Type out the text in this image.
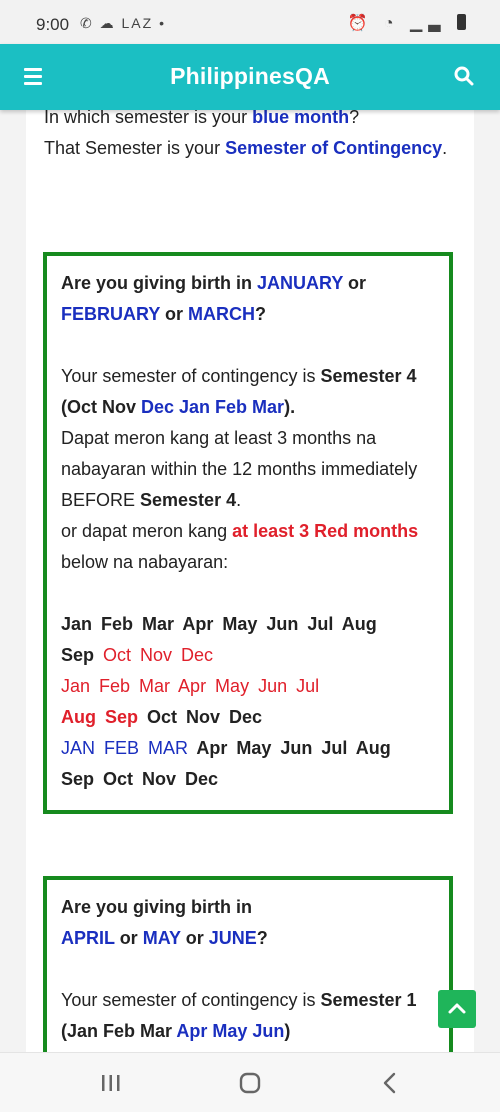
9:00 ✆ ☁ LAZ •	⏰ ◔ ▁▃
PhilippinesQA

In which semester is your blue month?

That Semester is your Semester of Contingency.

Are you giving birth in JANUARY or
FEBRUARY or MARCH?

Your semester of contingency is Semester 4 (Oct Nov Dec Jan Feb Mar).

Dapat meron kang at least 3 months na nabayaran within the 12 months immediately BEFORE Semester 4.

or dapat meron kang at least 3 Red months below na nabayaran:

Jan Feb Mar Apr May Jun Jul Aug

Sep Oct Nov Dec

Jan Feb Mar Apr May Jun Jul

Aug Sep Oct Nov Dec

JAN FEB MAR Apr May Jun Jul Aug

Sep Oct Nov Dec

Are you giving birth in
APRIL or MAY or JUNE?

Your semester of contingency is Semester 1 (Jan Feb Mar Apr May Jun)
